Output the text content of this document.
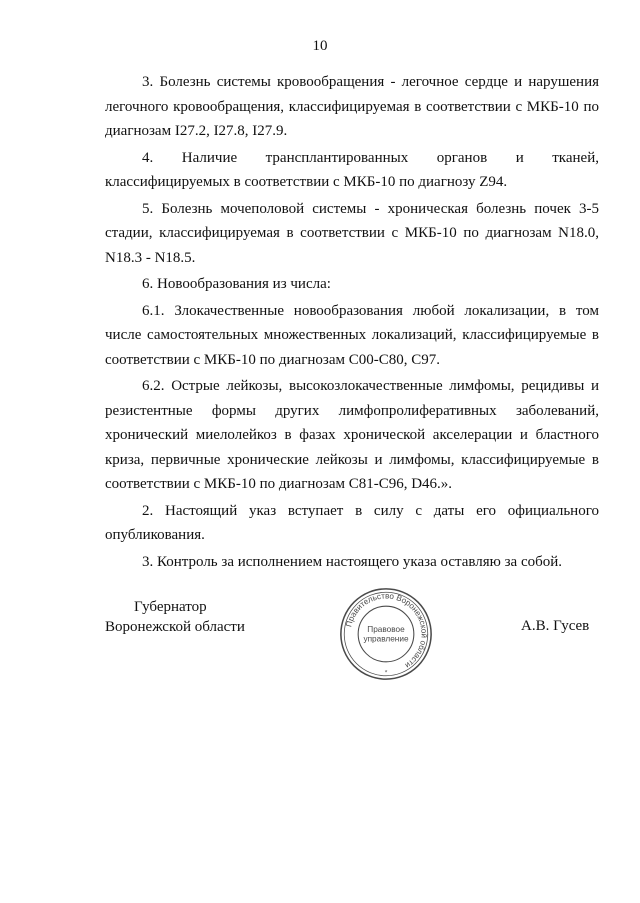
10

3. Болезнь системы кровообращения - легочное сердце и нарушения легочного кровообращения, классифицируемая в соответствии с МКБ-10 по диагнозам I27.2, I27.8, I27.9.

4. Наличие трансплантированных органов и тканей, классифицируемых в соответствии с МКБ-10 по диагнозу Z94.

5. Болезнь мочеполовой системы - хроническая болезнь почек 3-5 стадии, классифицируемая в соответствии с МКБ-10 по диагнозам N18.0, N18.3 - N18.5.

6. Новообразования из числа:

6.1. Злокачественные новообразования любой локализации, в том числе самостоятельных множественных локализаций, классифицируемые в соответствии с МКБ-10 по диагнозам C00-C80, C97.

6.2. Острые лейкозы, высокозлокачественные лимфомы, рецидивы и резистентные формы других лимфопролиферативных заболеваний, хронический миелолейкоз в фазах хронической акселерации и бластного криза, первичные хронические лейкозы и лимфомы, классифицируемые в соответствии с МКБ-10 по диагнозам C81-C96, D46.».

2. Настоящий указ вступает в силу с даты его официального опубликования.

3. Контроль за исполнением настоящего указа оставляю за собой.

Губернатор
Воронежской области	А.В. Гусев
Правительство Воронежской области
Правовое
управление
*
